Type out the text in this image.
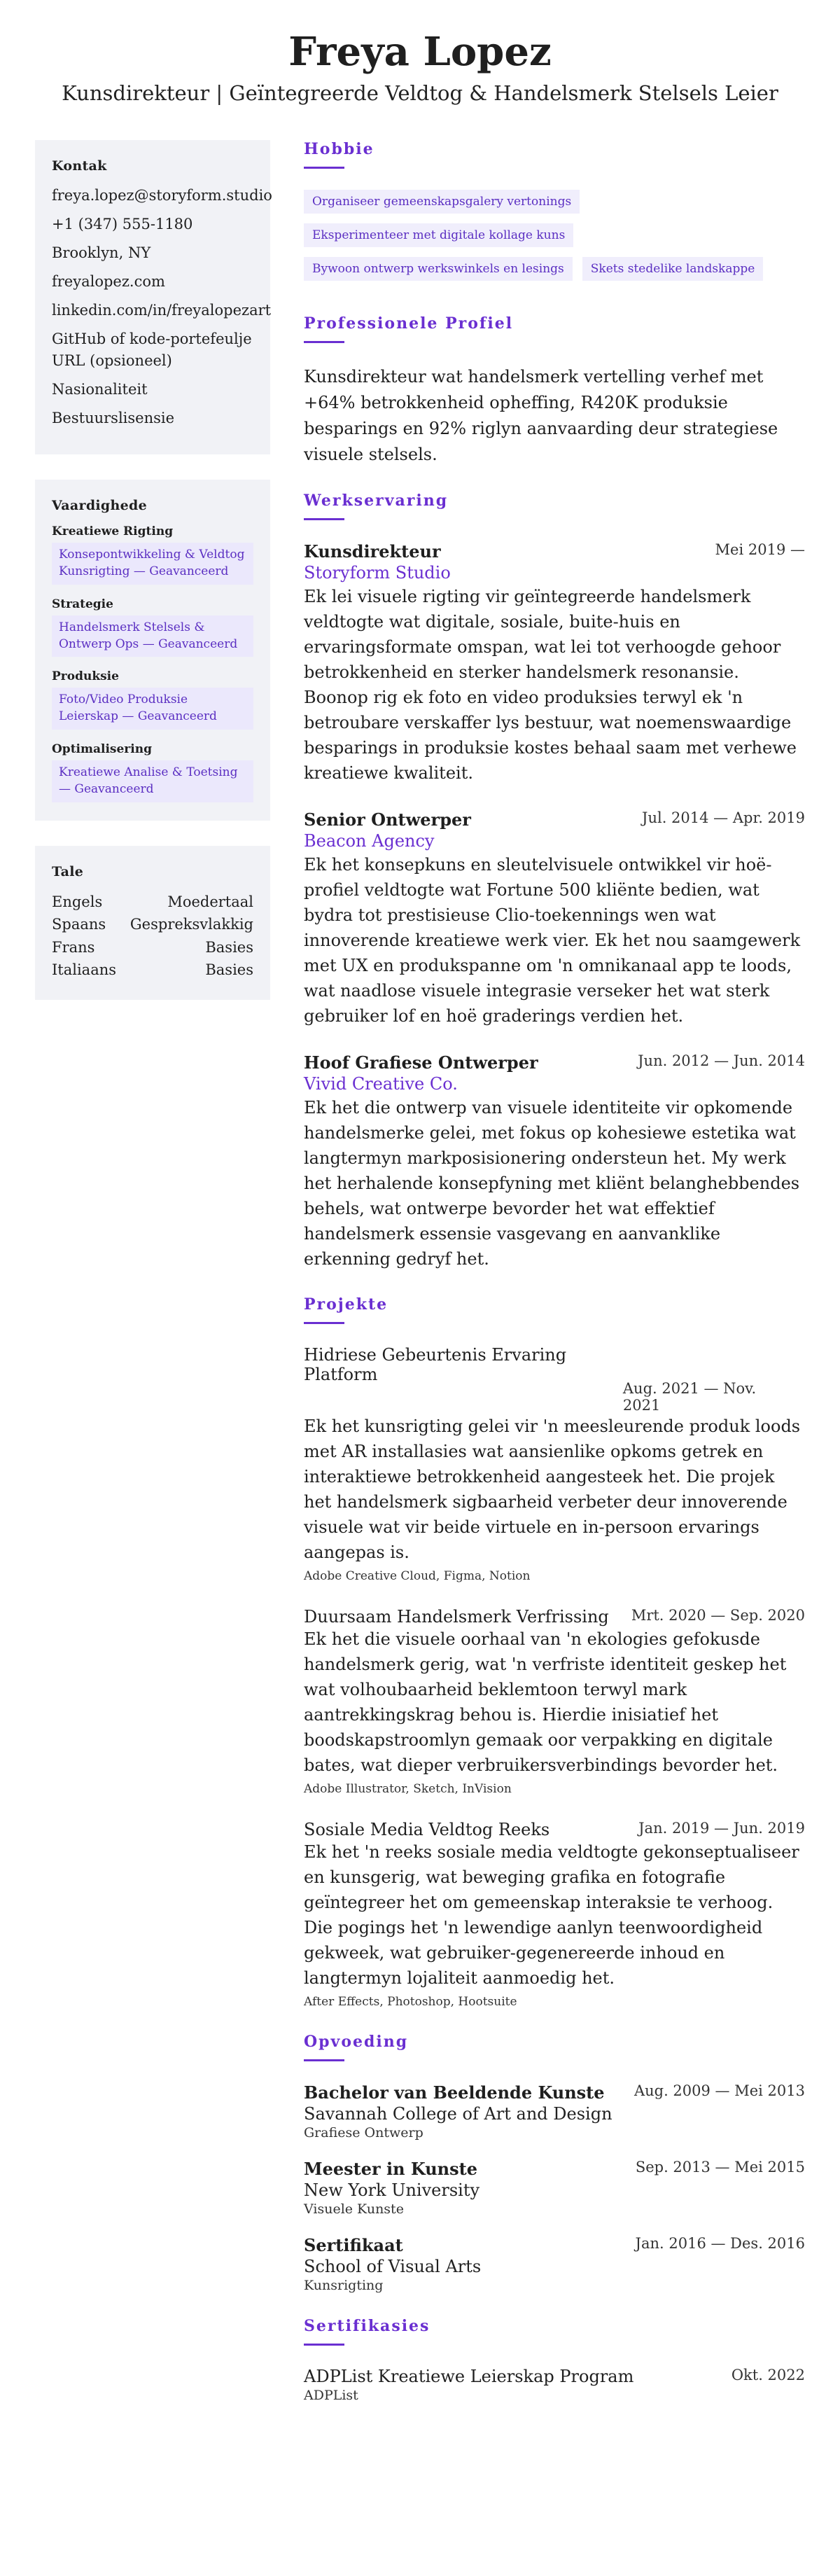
Freya Lopez

Kunsdirekteur | Geïntegreerde Veldtog & Handelsmerk Stelsels Leier

Kontak
freya.lopez@storyform.studio
+1 (347) 555-1180
Brooklyn, NY
freyalopez.com
linkedin.com/in/freyalopezart
GitHub of kode-portefeulje URL (opsioneel)
Nasionaliteit
Bestuurslisensie
Vaardighede
Kreatiewe Rigting
Konsepontwikkeling & Veldtog Kunsrigting — Geavanceerd
Strategie
Handelsmerk Stelsels & Ontwerp Ops — Geavanceerd
Produksie
Foto/Video Produksie Leierskap — Geavanceerd
Optimalisering
Kreatiewe Analise & Toetsing — Geavanceerd
Tale
Engels	Moedertaal
Spaans Gespreksvlakkig
Frans	Basies
Italiaans	Basies
Hobbie
Organiseer gemeenskapsgalery vertonings
Eksperimenteer met digitale kollage kuns
Bywoon ontwerp werkswinkels en lesings	Skets stedelike landskappe
Professionele Profiel

Kunsdirekteur wat handelsmerk vertelling verhef met +64% betrokkenheid opheffing, R420K produksie besparings en 92% riglyn aanvaarding deur strategiese visuele stelsels.

Werkservaring
Kunsdirekteur	Mei 2019 —
Storyform Studio

Ek lei visuele rigting vir geïntegreerde handelsmerk veldtogte wat digitale, sosiale, buite-huis en ervaringsformate omspan, wat lei tot verhoogde gehoor betrokkenheid en sterker handelsmerk resonansie. Boonop rig ek foto en video produksies terwyl ek 'n betroubare verskaffer lys bestuur, wat noemenswaardige besparings in produksie kostes behaal saam met verhewe kreatiewe kwaliteit.

Senior Ontwerper	Jul. 2014 — Apr. 2019
Beacon Agency

Ek het konsepkuns en sleutelvisuele ontwikkel vir hoë-profiel veldtogte wat Fortune 500 kliënte bedien, wat bydra tot prestisieuse Clio-toekennings wen wat innoverende kreatiewe werk vier. Ek het nou saamgewerk met UX en produkspanne om 'n omnikanaal app te loods, wat naadlose visuele integrasie verseker het wat sterk gebruiker lof en hoë graderings verdien het.

Hoof Grafiese Ontwerper	Jun. 2012 — Jun. 2014
Vivid Creative Co.

Ek het die ontwerp van visuele identiteite vir opkomende handelsmerke gelei, met fokus op kohesiewe estetika wat langtermyn markposisionering ondersteun het. My werk het herhalende konsepfyning met kliënt belanghebbendes behels, wat ontwerpe bevorder het wat effektief handelsmerk essensie vasgevang en aanvanklike erkenning gedryf het.

Projekte
Hidriese Gebeurtenis Ervaring Platform
Aug. 2021 — Nov. 2021

Ek het kunsrigting gelei vir 'n meesleurende produk loods met AR installasies wat aansienlike opkoms getrek en interaktiewe betrokkenheid aangesteek het. Die projek het handelsmerk sigbaarheid verbeter deur innoverende visuele wat vir beide virtuele en in-persoon ervarings aangepas is.

Adobe Creative Cloud, Figma, Notion
Duursaam Handelsmerk Verfrissing	Mrt. 2020 — Sep. 2020

Ek het die visuele oorhaal van 'n ekologies gefokusde handelsmerk gerig, wat 'n verfriste identiteit geskep het wat volhoubaarheid beklemtoon terwyl mark aantrekkingskrag behou is. Hierdie inisiatief het boodskapstroomlyn gemaak oor verpakking en digitale bates, wat dieper verbruikersverbindings bevorder het.

Adobe Illustrator, Sketch, InVision
Sosiale Media Veldtog Reeks	Jan. 2019 — Jun. 2019

Ek het 'n reeks sosiale media veldtogte gekonseptualiseer en kunsgerig, wat beweging grafika en fotografie geïntegreer het om gemeenskap interaksie te verhoog. Die pogings het 'n lewendige aanlyn teenwoordigheid gekweek, wat gebruiker-gegenereerde inhoud en langtermyn lojaliteit aanmoedig het.

After Effects, Photoshop, Hootsuite
Opvoeding
Bachelor van Beeldende Kunste	Aug. 2009 — Mei 2013
Savannah College of Art and Design
Grafiese Ontwerp
Meester in Kunste	Sep. 2013 — Mei 2015
New York University
Visuele Kunste
Sertifikaat	Jan. 2016 — Des. 2016
School of Visual Arts
Kunsrigting
Sertifikasies
ADPList Kreatiewe Leierskap Program	Okt. 2022
ADPList
